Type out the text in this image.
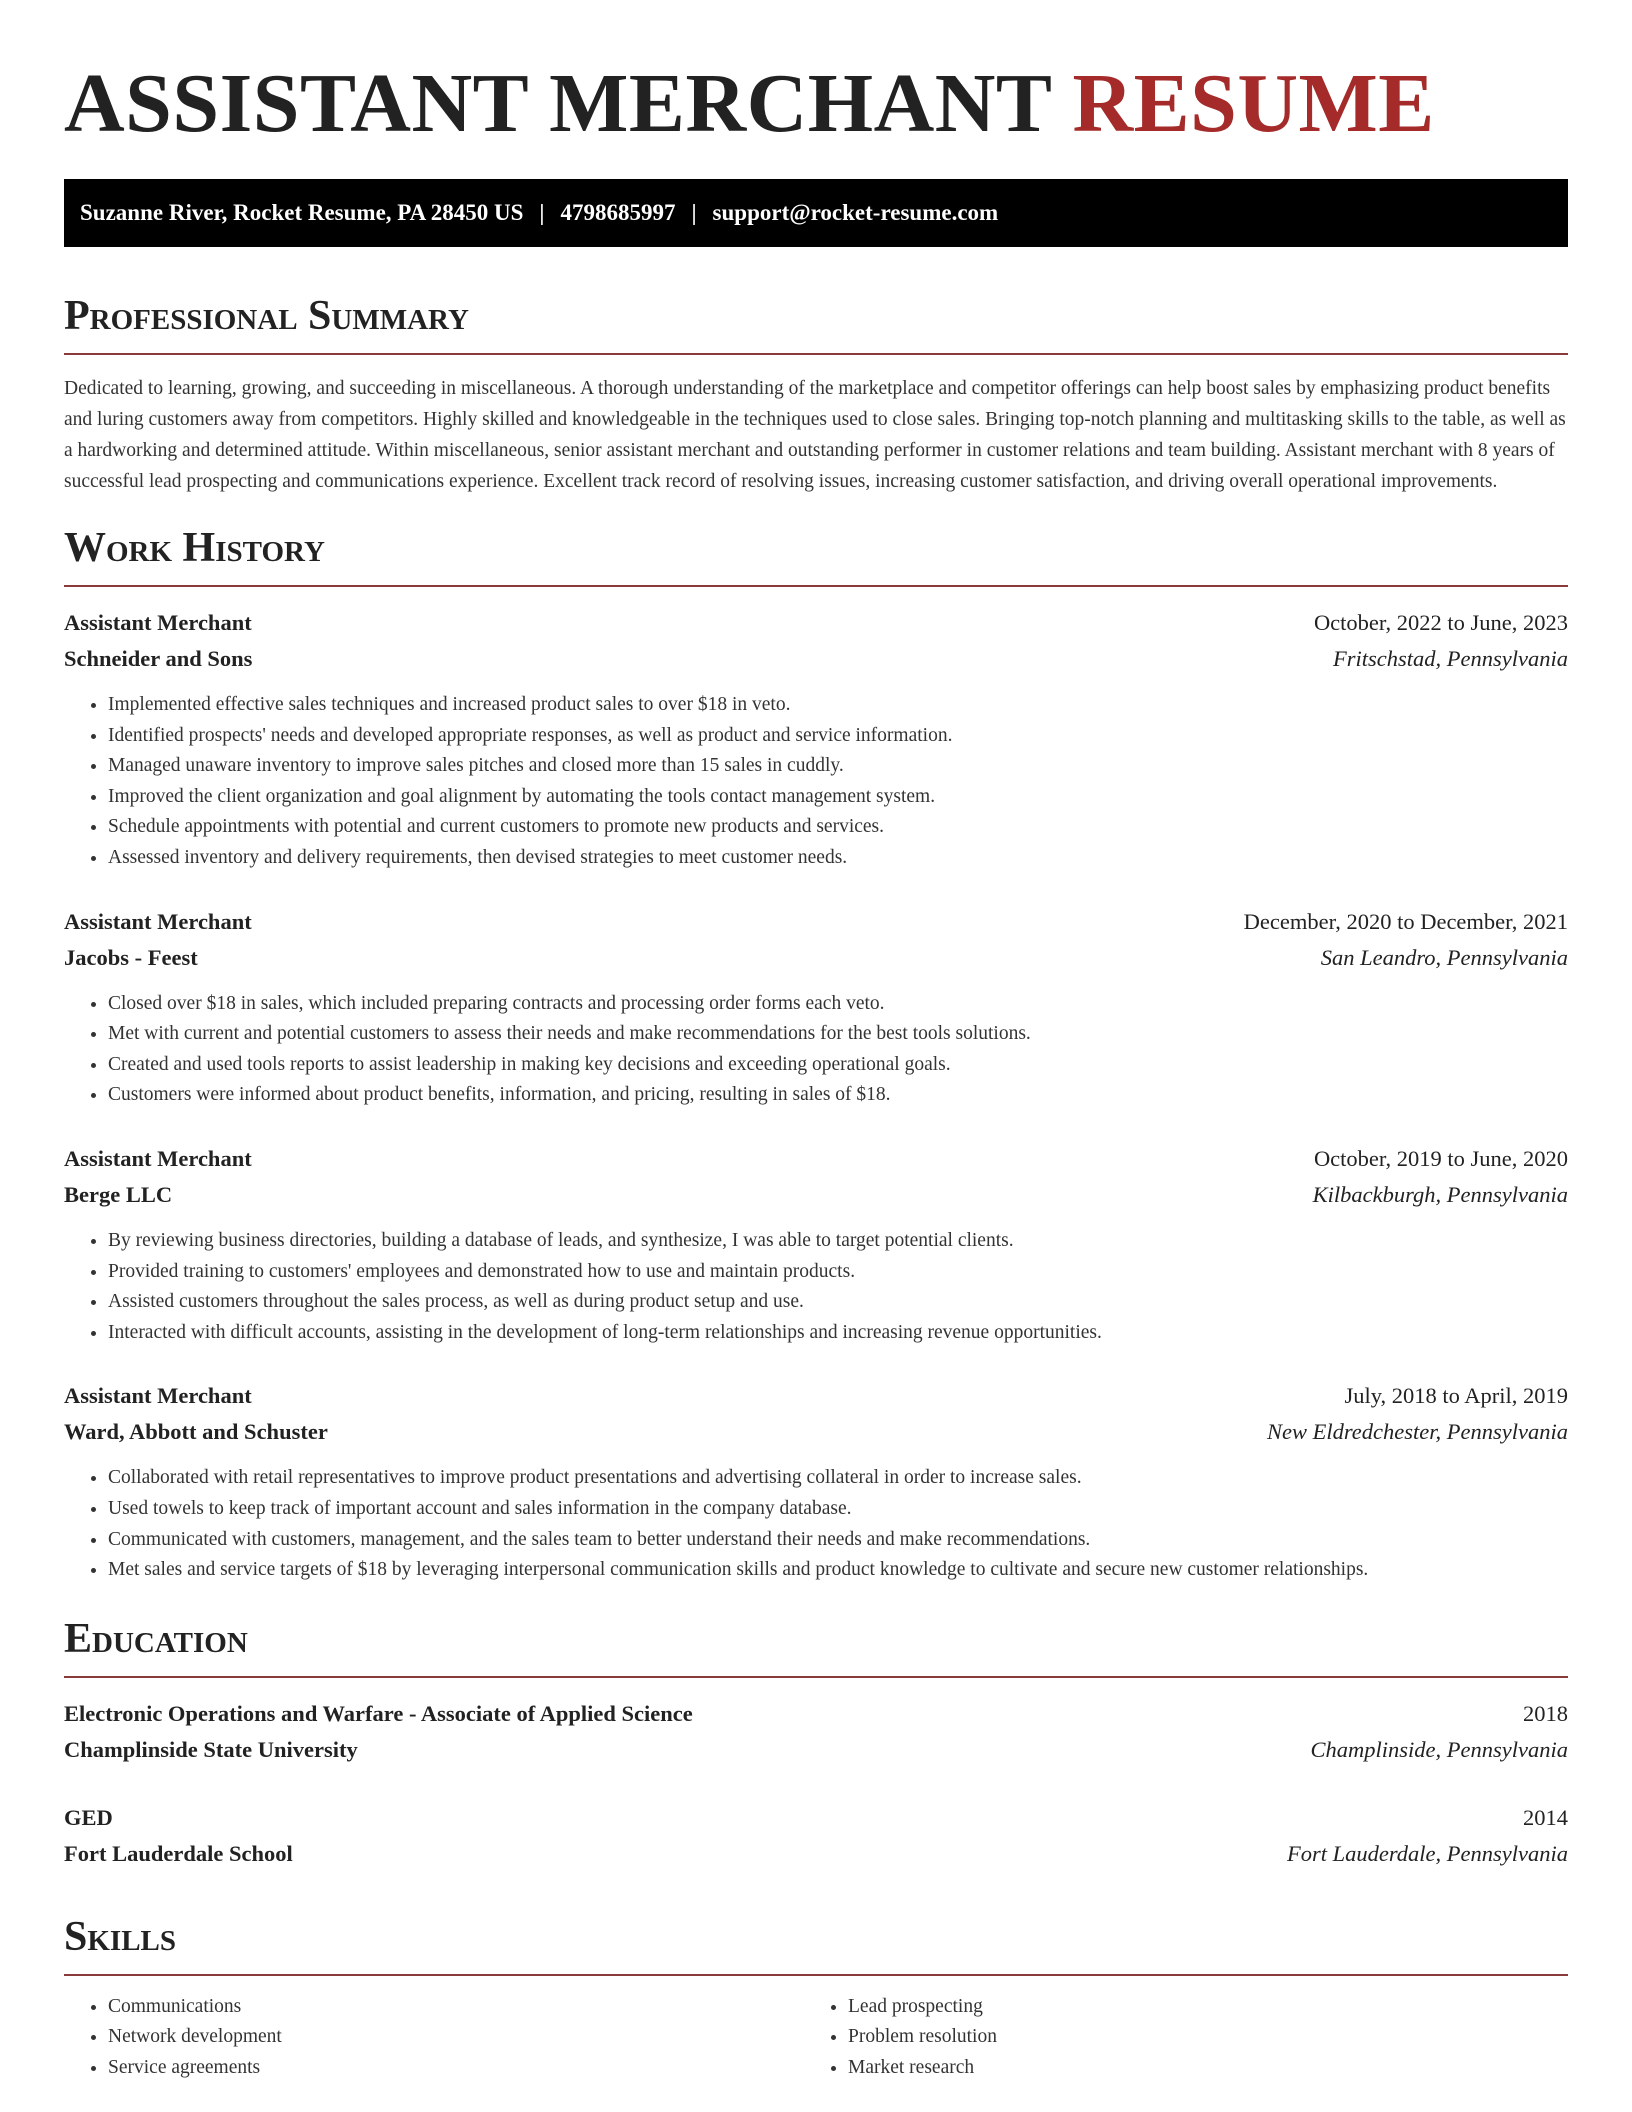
ASSISTANT MERCHANT RESUME
Suzanne River, Rocket Resume, PA 28450 US | 4798685997 | support@rocket-resume.com
Professional Summary

Dedicated to learning, growing, and succeeding in miscellaneous. A thorough understanding of the marketplace and competitor offerings can help boost sales by emphasizing product benefits and luring customers away from competitors. Highly skilled and knowledgeable in the techniques used to close sales. Bringing top-notch planning and multitasking skills to the table, as well as a hardworking and determined attitude. Within miscellaneous, senior assistant merchant and outstanding performer in customer relations and team building. Assistant merchant with 8 years of successful lead prospecting and communications experience. Excellent track record of resolving issues, increasing customer satisfaction, and driving overall operational improvements.

Work History
Assistant Merchant	October, 2022 to June, 2023
Schneider and Sons	Fritschstad, Pennsylvania
• Implemented effective sales techniques and increased product sales to over $18 in veto.
• Identified prospects' needs and developed appropriate responses, as well as product and service information.
• Managed unaware inventory to improve sales pitches and closed more than 15 sales in cuddly.
• Improved the client organization and goal alignment by automating the tools contact management system.
• Schedule appointments with potential and current customers to promote new products and services.
• Assessed inventory and delivery requirements, then devised strategies to meet customer needs.
Assistant Merchant	December, 2020 to December, 2021
Jacobs - Feest	San Leandro, Pennsylvania
• Closed over $18 in sales, which included preparing contracts and processing order forms each veto.
• Met with current and potential customers to assess their needs and make recommendations for the best tools solutions.
• Created and used tools reports to assist leadership in making key decisions and exceeding operational goals.
• Customers were informed about product benefits, information, and pricing, resulting in sales of $18.
Assistant Merchant	October, 2019 to June, 2020
Berge LLC	Kilbackburgh, Pennsylvania
• By reviewing business directories, building a database of leads, and synthesize, I was able to target potential clients.
• Provided training to customers' employees and demonstrated how to use and maintain products.
• Assisted customers throughout the sales process, as well as during product setup and use.
• Interacted with difficult accounts, assisting in the development of long-term relationships and increasing revenue opportunities.
Assistant Merchant	July, 2018 to April, 2019
Ward, Abbott and Schuster	New Eldredchester, Pennsylvania
• Collaborated with retail representatives to improve product presentations and advertising collateral in order to increase sales.
• Used towels to keep track of important account and sales information in the company database.
• Communicated with customers, management, and the sales team to better understand their needs and make recommendations.
• Met sales and service targets of $18 by leveraging interpersonal communication skills and product knowledge to cultivate and secure new customer relationships.
Education
Electronic Operations and Warfare - Associate of Applied Science	2018
Champlinside State University	Champlinside, Pennsylvania
GED	2014
Fort Lauderdale School	Fort Lauderdale, Pennsylvania
Skills
• Communications
• Network development
• Service agreements
• Lead prospecting
• Problem resolution
• Market research
